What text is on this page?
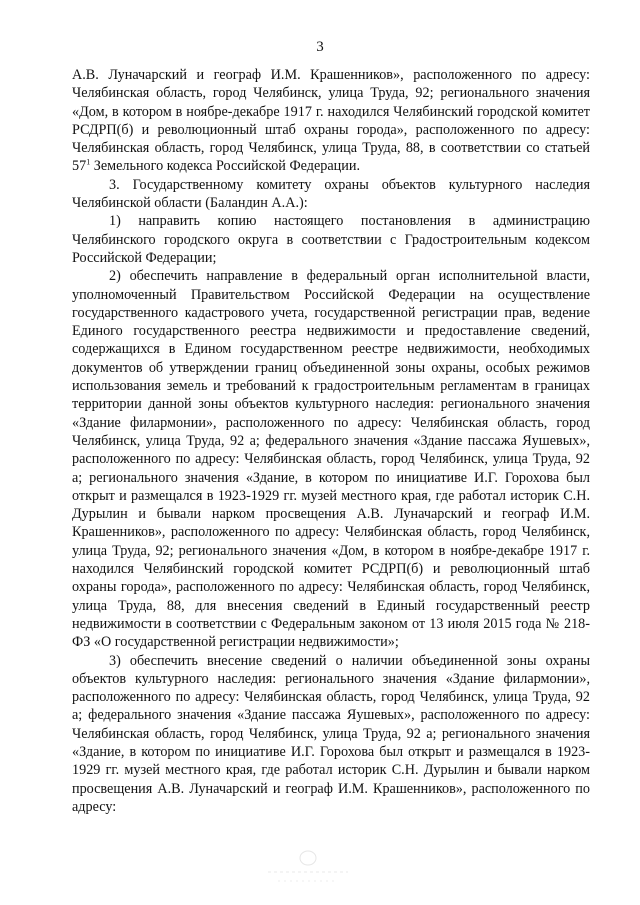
3

А.В. Луначарский и географ И.М. Крашенников», расположенного по адресу: Челябинская область, город Челябинск, улица Труда, 92; регионального значения «Дом, в котором в ноябре-декабре 1917 г. находился Челябинский городской комитет РСДРП(б) и революционный штаб охраны города», расположенного по адресу: Челябинская область, город Челябинск, улица Труда, 88, в соответствии со статьей $57^1$ Земельного кодекса Российской Федерации.

3. Государственному комитету охраны объектов культурного наследия Челябинской области (Баландин А.А.):

1) направить копию настоящего постановления в администрацию Челябинского городского округа в соответствии с Градостроительным кодексом Российской Федерации;

2) обеспечить направление в федеральный орган исполнительной власти, уполномоченный Правительством Российской Федерации на осуществление государственного кадастрового учета, государственной регистрации прав, ведение Единого государственного реестра недвижимости и предоставление сведений, содержащихся в Едином государственном реестре недвижимости, необходимых документов об утверждении границ объединенной зоны охраны, особых режимов использования земель и требований к градостроительным регламентам в границах территории данной зоны объектов культурного наследия: регионального значения «Здание филармонии», расположенного по адресу: Челябинская область, город Челябинск, улица Труда, 92 а; федерального значения «Здание пассажа Яушевых», расположенного по адресу: Челябинская область, город Челябинск, улица Труда, 92 а; регионального значения «Здание, в котором по инициативе И.Г. Горохова был открыт и размещался в 1923-1929 гг. музей местного края, где работал историк С.Н. Дурылин и бывали нарком просвещения А.В. Луначарский и географ И.М. Крашенников», расположенного по адресу: Челябинская область, город Челябинск, улица Труда, 92; регионального значения «Дом, в котором в ноябре-декабре 1917 г. находился Челябинский городской комитет РСДРП(б) и революционный штаб охраны города», расположенного по адресу: Челябинская область, город Челябинск, улица Труда, 88, для внесения сведений в Единый государственный реестр недвижимости в соответствии с Федеральным законом от 13 июля 2015 года № 218-ФЗ «О государственной регистрации недвижимости»;

3) обеспечить внесение сведений о наличии объединенной зоны охраны объектов культурного наследия: регионального значения «Здание филармонии», расположенного по адресу: Челябинская область, город Челябинск, улица Труда, 92 а; федерального значения «Здание пассажа Яушевых», расположенного по адресу: Челябинская область, город Челябинск, улица Труда, 92 а; регионального значения «Здание, в котором по инициативе И.Г. Горохова был открыт и размещался в 1923-1929 гг. музей местного края, где работал историк С.Н. Дурылин и бывали нарком просвещения А.В. Луначарский и географ И.М. Крашенников», расположенного по адресу:
